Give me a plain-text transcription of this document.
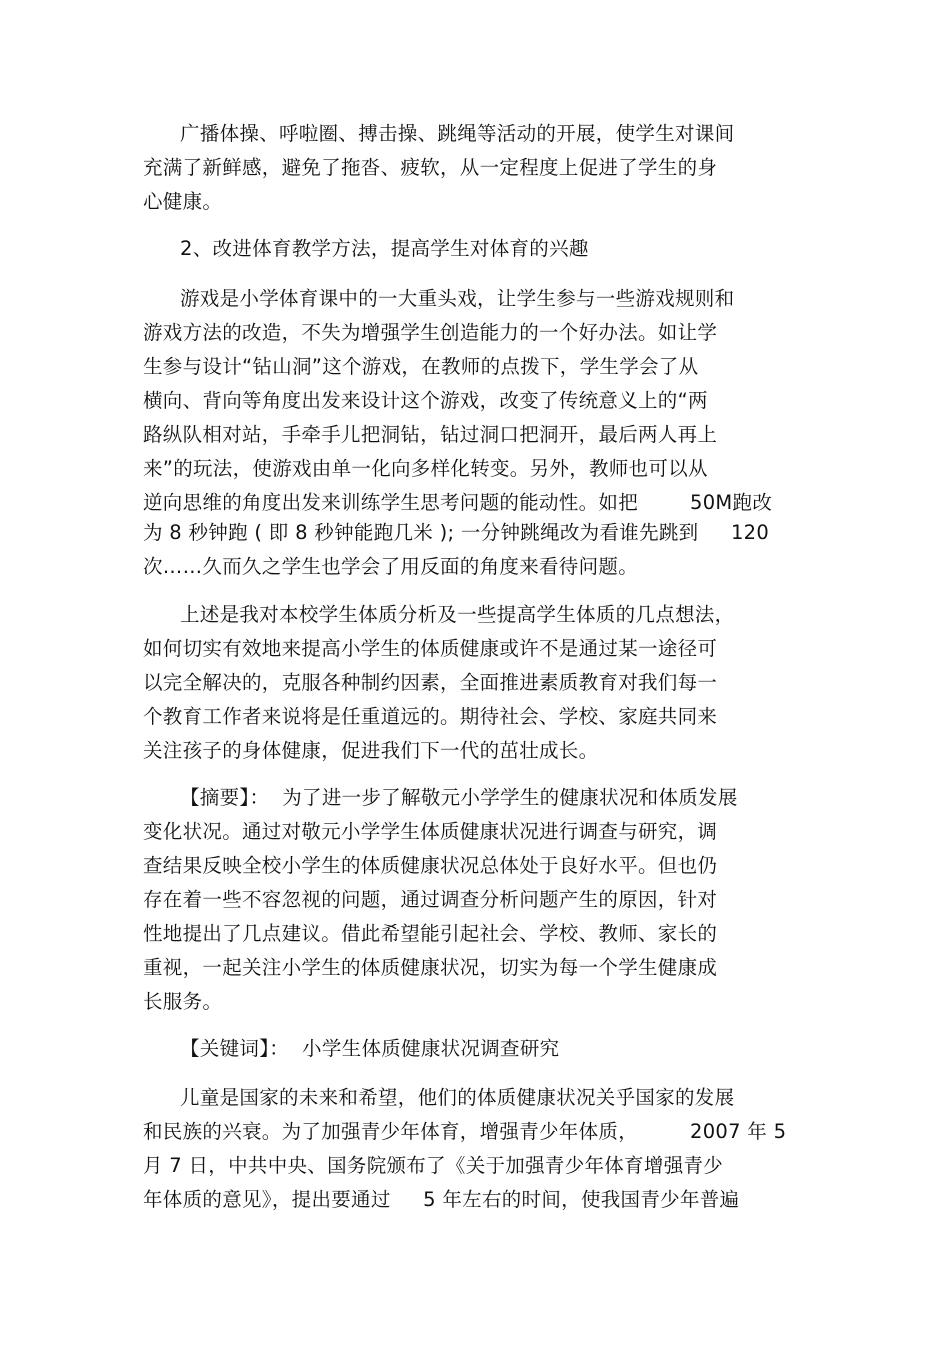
广播体操、呼啦圈、搏击操、跳绳等活动的开展，使学生对课间
充满了新鲜感，避免了拖沓、疲软，从一定程度上促进了学生的身
心健康。
2、改进体育教学方法，提高学生对体育的兴趣
游戏是小学体育课中的一大重头戏，让学生参与一些游戏规则和
游戏方法的改造，不失为增强学生创造能力的一个好办法。如让学
生参与设计“钻山洞”这个游戏，在教师的点拨下，学生学会了从
横向、背向等角度出发来设计这个游戏，改变了传统意义上的“两
路纵队相对站，手牵手儿把洞钻，钻过洞口把洞开，最后两人再上
来”的玩法，使游戏由单一化向多样化转变。另外，教师也可以从
逆向思维的角度出发来训练学生思考问题的能动性。如把        50M跑改
为 8 秒钟跑 ( 即 8 秒钟能跑几米 ); 一分钟跳绳改为看谁先跳到     120
次……久而久之学生也学会了用反面的角度来看待问题。
上述是我对本校学生体质分析及一些提高学生体质的几点想法，
如何切实有效地来提高小学生的体质健康或许不是通过某一途径可
以完全解决的，克服各种制约因素，全面推进素质教育对我们每一
个教育工作者来说将是任重道远的。期待社会、学校、家庭共同来
关注孩子的身体健康，促进我们下一代的茁壮成长。
【摘要】：  为了进一步了解敬元小学学生的健康状况和体质发展
变化状况。通过对敬元小学学生体质健康状况进行调查与研究，调
查结果反映全校小学生的体质健康状况总体处于良好水平。但也仍
存在着一些不容忽视的问题，通过调查分析问题产生的原因，针对
性地提出了几点建议。借此希望能引起社会、学校、教师、家长的
重视，一起关注小学生的体质健康状况，切实为每一个学生健康成
长服务。
【关键词】：  小学生体质健康状况调查研究
儿童是国家的未来和希望，他们的体质健康状况关乎国家的发展
和民族的兴衰。为了加强青少年体育，增强青少年体质，        2007 年 5
月 7 日，中共中央、国务院颁布了《关于加强青少年体育增强青少
年体质的意见》，提出要通过     5 年左右的时间，使我国青少年普遍
